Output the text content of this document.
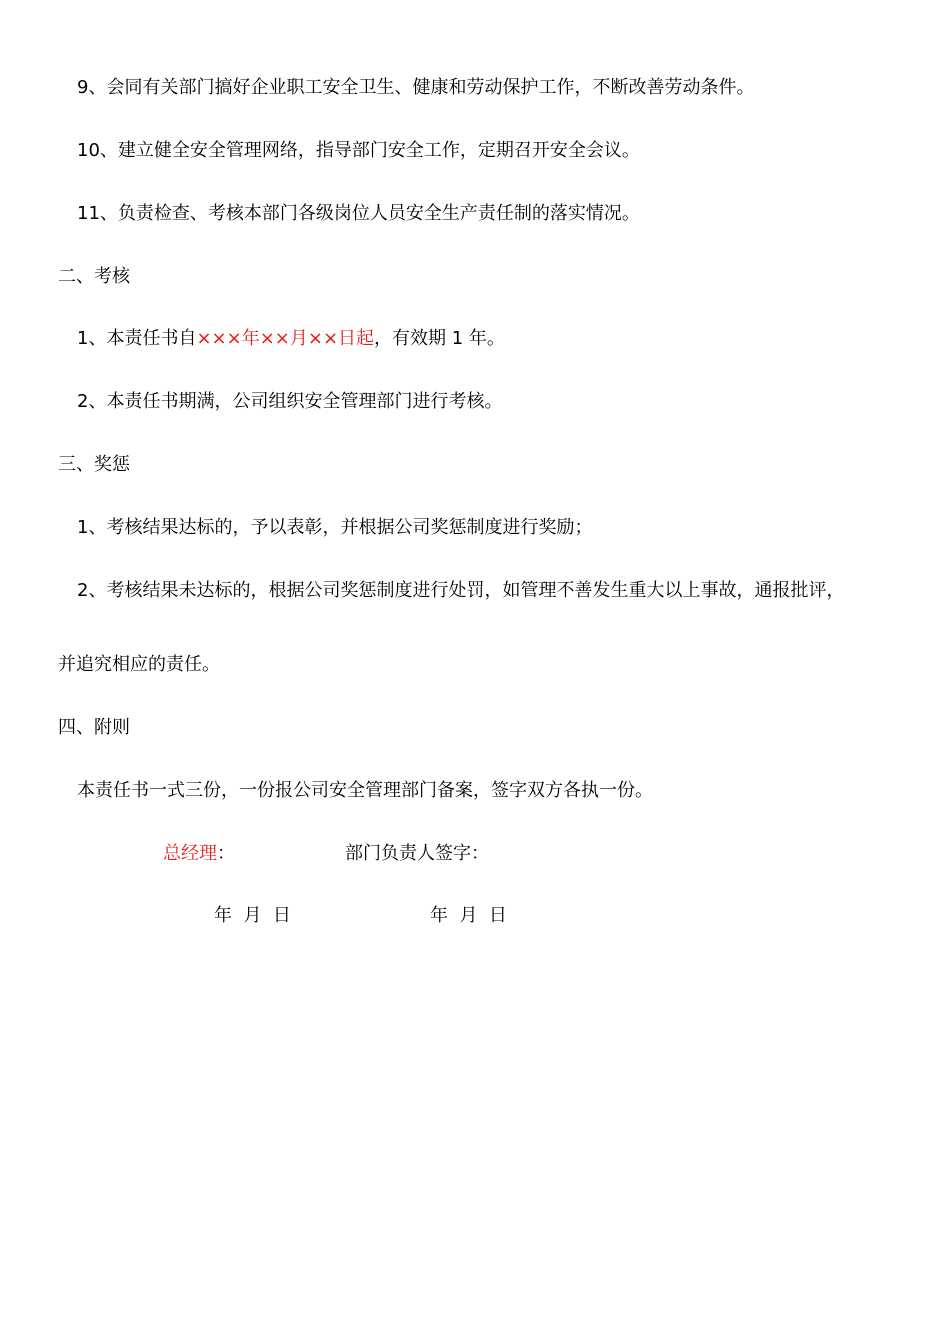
9、会同有关部门搞好企业职工安全卫生、健康和劳动保护工作，不断改善劳动条件。
10、建立健全安全管理网络，指导部门安全工作，定期召开安全会议。
11、负责检查、考核本部门各级岗位人员安全生产责任制的落实情况。
二、考核
1、本责任书自×××年××月××日起，有效期 1 年。
2、本责任书期满，公司组织安全管理部门进行考核。
三、奖惩
1、考核结果达标的，予以表彰，并根据公司奖惩制度进行奖励；
2、考核结果未达标的，根据公司奖惩制度进行处罚，如管理不善发生重大以上事故，通报批评，
并追究相应的责任。
四、附则
本责任书一式三份，一份报公司安全管理部门备案，签字双方各执一份。
总经理：	部门负责人签字：
年  月  日	年  月  日
